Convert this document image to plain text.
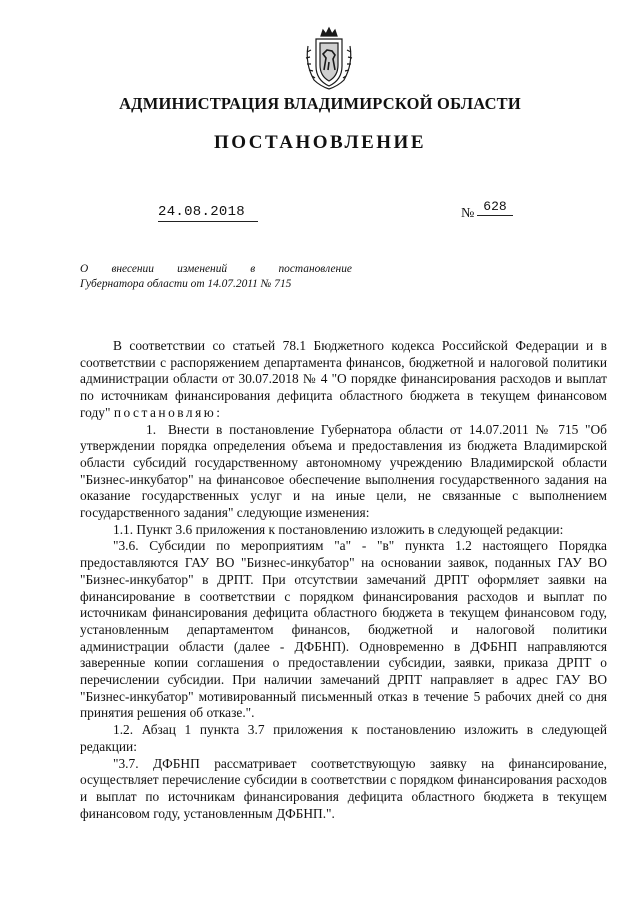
АДМИНИСТРАЦИЯ ВЛАДИМИРСКОЙ ОБЛАСТИ
ПОСТАНОВЛЕНИЕ
24.08.2018	№ 628
О внесении изменений в постановление
Губернатора области от 14.07.2011 № 715

В соответствии со статьей 78.1 Бюджетного кодекса Российской Федерации и в соответствии с распоряжением департамента финансов, бюджетной и налоговой политики администрации области от 30.07.2018 № 4 "О порядке финансирования расходов и выплат по источникам финансирования дефицита областного бюджета в текущем финансовом году" постановляю:

1. Внести в постановление Губернатора области от 14.07.2011 № 715 "Об утверждении порядка определения объема и предоставления из бюджета Владимирской области субсидий государственному автономному учреждению Владимирской области "Бизнес-инкубатор" на финансовое обеспечение выполнения государственного задания на оказание государственных услуг и на иные цели, не связанные с выполнением государственного задания" следующие изменения:

1.1. Пункт 3.6 приложения к постановлению изложить в следующей редакции:

"3.6. Субсидии по мероприятиям "а" - "в" пункта 1.2 настоящего Порядка предоставляются ГАУ ВО "Бизнес-инкубатор" на основании заявок, поданных ГАУ ВО "Бизнес-инкубатор" в ДРПТ. При отсутствии замечаний ДРПТ оформляет заявки на финансирование в соответствии с порядком финансирования расходов и выплат по источникам финансирования дефицита областного бюджета в текущем финансовом году, установленным департаментом финансов, бюджетной и налоговой политики администрации области (далее - ДФБНП). Одновременно в ДФБНП направляются заверенные копии соглашения о предоставлении субсидии, заявки, приказа ДРПТ о перечислении субсидии. При наличии замечаний ДРПТ направляет в адрес ГАУ ВО "Бизнес-инкубатор" мотивированный письменный отказ в течение 5 рабочих дней со дня принятия решения об отказе.".

1.2. Абзац 1 пункта 3.7 приложения к постановлению изложить в следующей редакции:

"3.7. ДФБНП рассматривает соответствующую заявку на финансирование, осуществляет перечисление субсидии в соответствии с порядком финансирования расходов и выплат по источникам финансирования дефицита областного бюджета в текущем финансовом году, установленным ДФБНП.".
